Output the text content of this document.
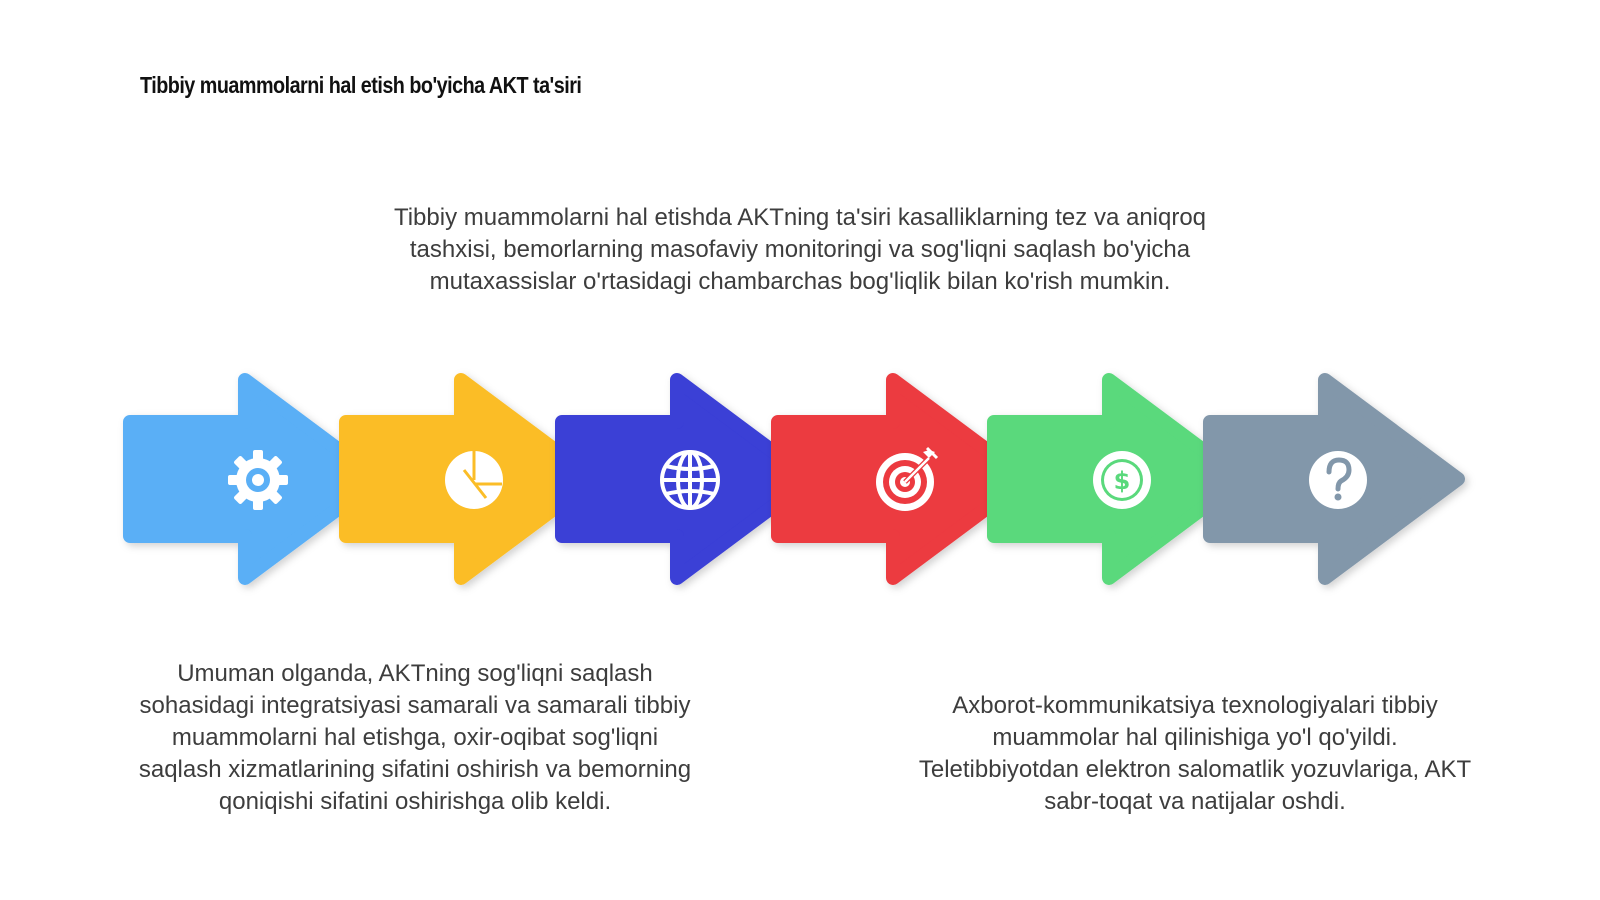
Tibbiy muammolarni hal etish bo'yicha AKT ta'siri

Tibbiy muammolarni hal etishda AKTning ta'siri kasalliklarning tez va aniqroq tashxisi, bemorlarning masofaviy monitoringi va sog'liqni saqlash bo'yicha mutaxassislar o'rtasidagi chambarchas bog'liqlik bilan ko'rish mumkin.

$

Umuman olganda, AKTning sog'liqni saqlash sohasidagi integratsiyasi samarali va samarali tibbiy muammolarni hal etishga, oxir-oqibat sog'liqni saqlash xizmatlarining sifatini oshirish va bemorning qoniqishi sifatini oshirishga olib keldi.

Axborot-kommunikatsiya texnologiyalari tibbiy muammolar hal qilinishiga yo'l qo'yildi. Teletibbiyotdan elektron salomatlik yozuvlariga, AKT sabr-toqat va natijalar oshdi.
